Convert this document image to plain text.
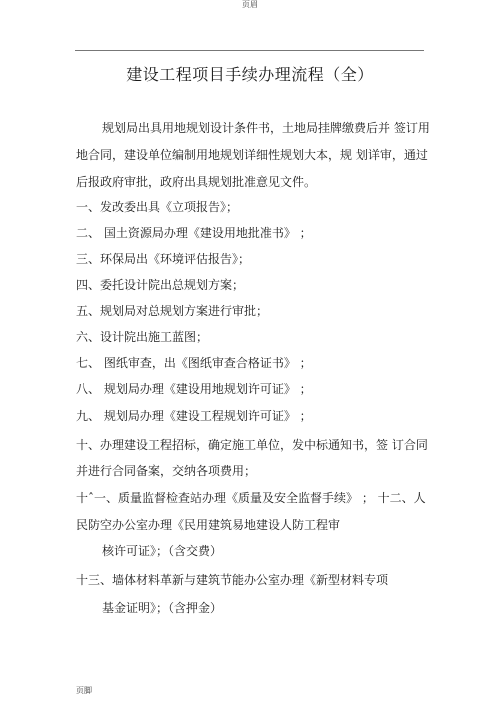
页眉
建设工程项目手续办理流程（全）
规划局出具用地规划设计条件书，土地局挂牌缴费后并 签订用
地合同，建设单位编制用地规划详细性规划大本，规 划详审，通过
后报政府审批，政府出具规划批准意见文件。
一、发改委出具《立项报告》；
二、 国土资源局办理《建设用地批准书》 ；
三、环保局出《环境评估报告》；
四、委托设计院出总规划方案；
五、规划局对总规划方案进行审批；
六、设计院出施工蓝图；
七、 图纸审查，出《图纸审查合格证书》 ；
八、 规划局办理《建设用地规划许可证》 ；
九、 规划局办理《建设工程规划许可证》 ；
十、办理建设工程招标，确定施工单位，发中标通知书，签 订合同
并进行合同备案，交纳各项费用；
十ˆ一、质量监督检查站办理《质量及安全监督手续》 ； 十二、人
民防空办公室办理《民用建筑易地建设人防工程审
核许可证》；（含交费）
十三、墙体材料革新与建筑节能办公室办理《新型材料专项
基金证明》；（含押金）
页脚
